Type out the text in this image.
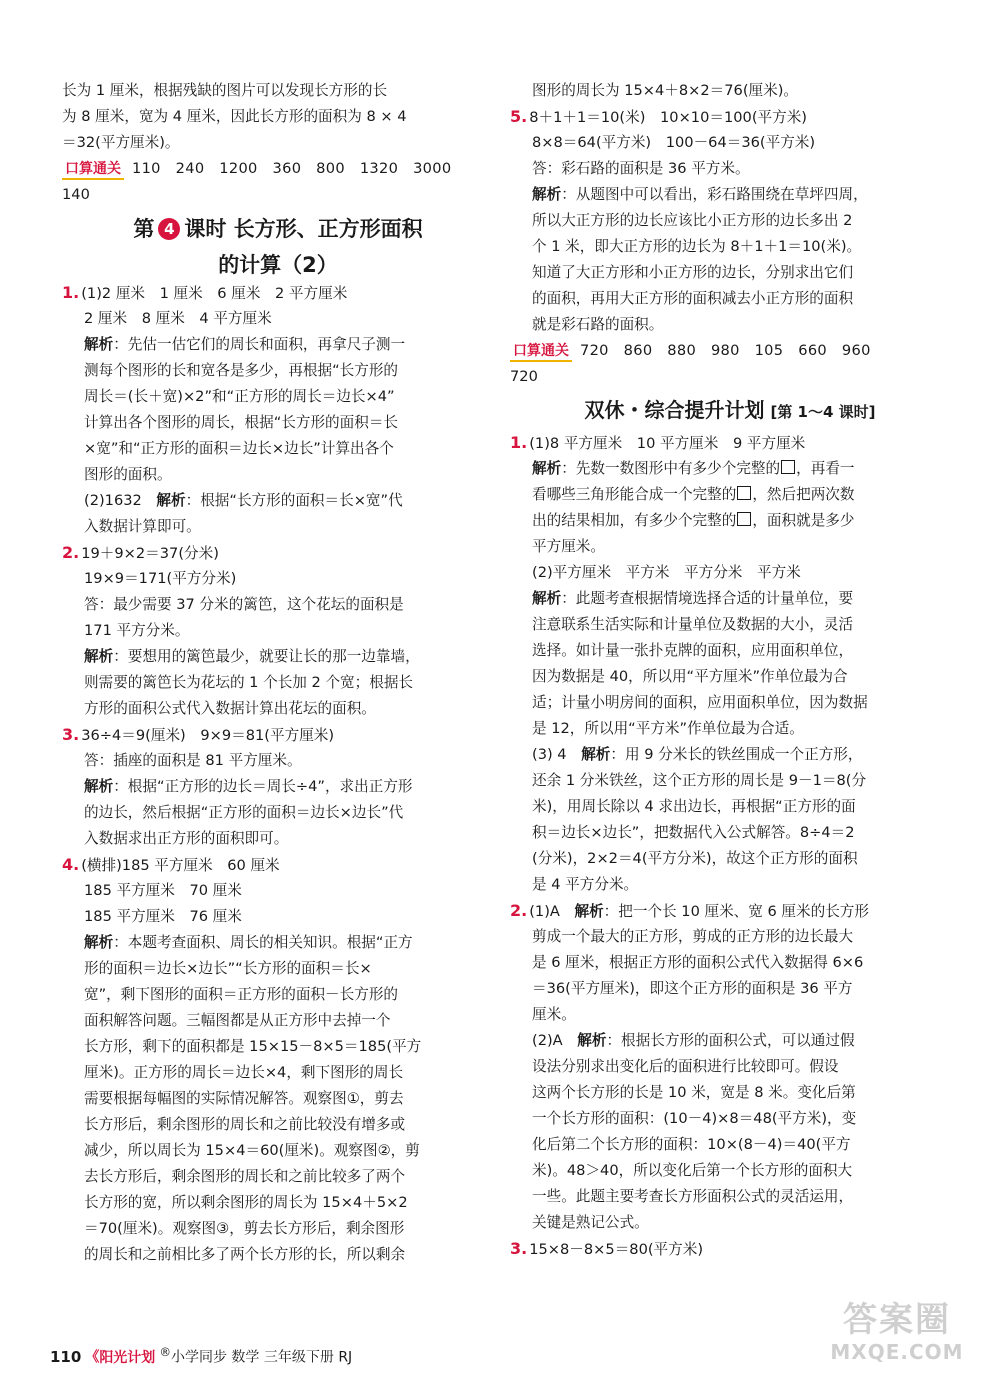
长为 1 厘米，根据残缺的图片可以发现长方形的长
为 8 厘米，宽为 4 厘米，因此长方形的面积为 8 × 4
＝32(平方厘米)。
口算通关 110　240　1200　360　800　1320　3000
140
第 4 课时 长方形、正方形面积
的计算（2）
1. (1)2 厘米　1 厘米　6 厘米　2 平方厘米
2 厘米　8 厘米　4 平方厘米
解析：先估一估它们的周长和面积，再拿尺子测一
测每个图形的长和宽各是多少，再根据“长方形的
周长＝(长＋宽)×2”和“正方形的周长＝边长×4”
计算出各个图形的周长，根据“长方形的面积＝长
×宽”和“正方形的面积＝边长×边长”计算出各个
图形的面积。
(2)1632　解析：根据“长方形的面积＝长×宽”代
入数据计算即可。
2. 19＋9×2＝37(分米)
19×9＝171(平方分米)
答：最少需要 37 分米的篱笆，这个花坛的面积是
171 平方分米。
解析：要想用的篱笆最少，就要让长的那一边靠墙，
则需要的篱笆长为花坛的 1 个长加 2 个宽；根据长
方形的面积公式代入数据计算出花坛的面积。
3. 36÷4＝9(厘米)　9×9＝81(平方厘米)
答：插座的面积是 81 平方厘米。
解析：根据“正方形的边长＝周长÷4”，求出正方形
的边长，然后根据“正方形的面积＝边长×边长”代
入数据求出正方形的面积即可。
4. (横排)185 平方厘米　60 厘米
185 平方厘米　70 厘米
185 平方厘米　76 厘米
解析：本题考查面积、周长的相关知识。根据“正方
形的面积＝边长×边长”“长方形的面积＝长×
宽”，剩下图形的面积＝正方形的面积－长方形的
面积解答问题。三幅图都是从正方形中去掉一个
长方形，剩下的面积都是 15×15－8×5＝185(平方
厘米)。正方形的周长＝边长×4，剩下图形的周长
需要根据每幅图的实际情况解答。观察图①，剪去
长方形后，剩余图形的周长和之前比较没有增多或
减少，所以周长为 15×4＝60(厘米)。观察图②，剪
去长方形后，剩余图形的周长和之前比较多了两个
长方形的宽，所以剩余图形的周长为 15×4＋5×2
＝70(厘米)。观察图③，剪去长方形后，剩余图形
的周长和之前相比多了两个长方形的长，所以剩余
图形的周长为 15×4＋8×2＝76(厘米)。
5. 8＋1＋1＝10(米)　10×10＝100(平方米)
8×8＝64(平方米)　100－64＝36(平方米)
答：彩石路的面积是 36 平方米。
解析：从题图中可以看出，彩石路围绕在草坪四周，
所以大正方形的边长应该比小正方形的边长多出 2
个 1 米，即大正方形的边长为 8＋1＋1＝10(米)。
知道了大正方形和小正方形的边长，分别求出它们
的面积，再用大正方形的面积减去小正方形的面积
就是彩石路的面积。
口算通关 720　860　880　980　105　660　960
720
双休・综合提升计划 [第 1～4 课时]
1. (1)8 平方厘米　10 平方厘米　9 平方厘米
解析：先数一数图形中有多少个完整的 ，再看一
看哪些三角形能合成一个完整的 ，然后把两次数
出的结果相加，有多少个完整的 ，面积就是多少
平方厘米。
(2)平方厘米　平方米　平方分米　平方米
解析：此题考查根据情境选择合适的计量单位，要
注意联系生活实际和计量单位及数据的大小，灵活
选择。如计量一张扑克牌的面积，应用面积单位，
因为数据是 40，所以用“平方厘米”作单位最为合
适；计量小明房间的面积，应用面积单位，因为数据
是 12，所以用“平方米”作单位最为合适。
(3) 4　解析：用 9 分米长的铁丝围成一个正方形，
还余 1 分米铁丝，这个正方形的周长是 9－1＝8(分
米)，用周长除以 4 求出边长，再根据“正方形的面
积＝边长×边长”，把数据代入公式解答。8÷4＝2
(分米)，2×2＝4(平方分米)，故这个正方形的面积
是 4 平方分米。
2. (1)A　解析：把一个长 10 厘米、宽 6 厘米的长方形
剪成一个最大的正方形，剪成的正方形的边长最大
是 6 厘米，根据正方形的面积公式代入数据得 6×6
＝36(平方厘米)，即这个正方形的面积是 36 平方
厘米。
(2)A　解析：根据长方形的面积公式，可以通过假
设法分别求出变化后的面积进行比较即可。假设
这两个长方形的长是 10 米，宽是 8 米。变化后第
一个长方形的面积：(10－4)×8＝48(平方米)，变
化后第二个长方形的面积：10×(8－4)＝40(平方
米)。48＞40，所以变化后第一个长方形的面积大
一些。此题主要考查长方形面积公式的灵活运用，
关键是熟记公式。
3. 15×8－8×5＝80(平方米)
110 《阳光计划 ®小学同步 数学 三年级下册 RJ
答案圈
MXQE.COM
